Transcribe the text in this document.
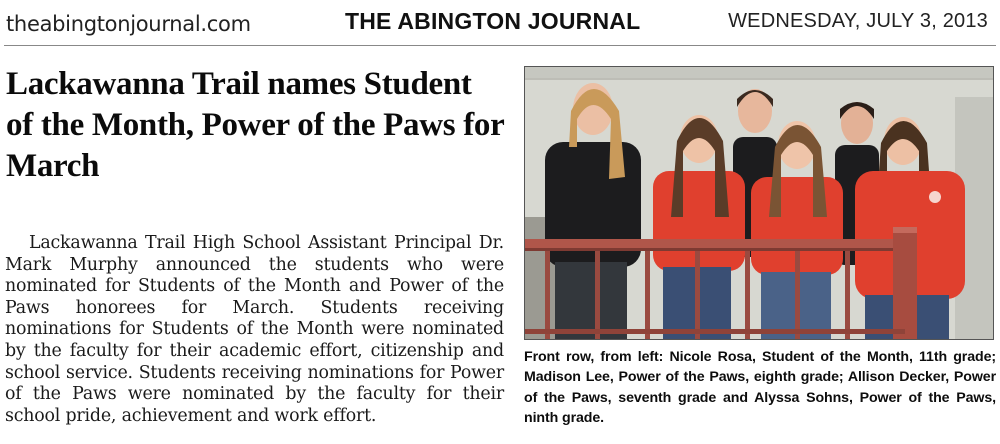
theabingtonjournal.com	THE ABINGTON JOURNAL	WEDNESDAY, JULY 3, 2013
Lackawanna Trail names Student of the Month, Power of the Paws for March

Lackawanna Trail High School Assistant Principal Dr. Mark Murphy announced the students who were nominated for Students of the Month and Power of the Paws honorees for March. Students receiving nominations for Students of the Month were nominated by the faculty for their academic effort, citizenship and school service. Students receiving nominations for Power of the Paws were nominated by the faculty for their school pride, achievement and work effort.

Front row, from left: Nicole Rosa, Student of the Month, 11th grade; Madison Lee, Power of the Paws, eighth grade; Allison Decker, Power of the Paws, seventh grade and Alyssa Sohns, Power of the Paws, ninth grade.
